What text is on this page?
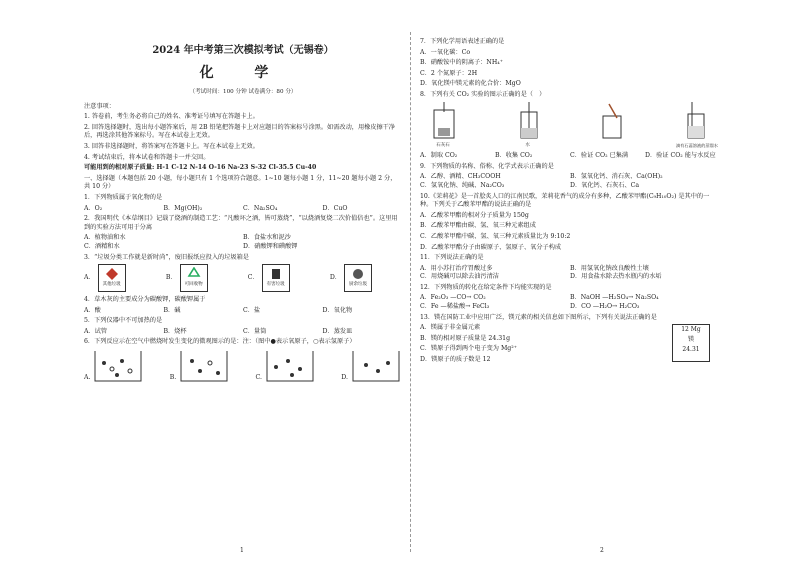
2024 年中考第三次模拟考试（无锡卷）
化 学
（考试时间：100 分钟 试卷满分：80 分）
注意事项：
1. 答卷前，考生务必将自己的姓名、准考证号填写在答题卡上。
2. 回答选择题时，选出每小题答案后，用 2B 铅笔把答题卡上对应题目的答案标号涂黑。如需改动，用橡皮擦干净后，再选涂其他答案标号。写在本试卷上无效。
3. 回答非选择题时，将答案写在答题卡上。写在本试卷上无效。
4. 考试结束后，将本试卷和答题卡一并交回。
可能用到的相对原子质量: H-1 C-12 N-14 O-16 Na-23 S-32 Cl-35.5 Cu-40
一、选择题（本题包括 20 小题，每小题只有 1 个选项符合题意。1~10 题每小题 1 分，11~20 题每小题 2 分，共 10 分）
1．下列物质属于氧化物的是
A．O₂	B．Mg(OH)₂	C．Na₂SO₄	D．CuO
2．我国明代《本草纲目》记载了烧酒的制造工艺：“凡酸坏之酒，皆可蒸烧”，“以烧酒复烧二次价值倍也”。这里用到的实验方法可用于分离
A．植物油和水	B．食盐水和泥沙
C．酒精和水	D．硝酸钾和碘酸钾
3．“垃圾分类工作就是新时尚”，废旧报纸应投入的垃圾箱是
A．
其他垃圾
B．
可回收物
C．
有害垃圾
D．
厨余垃圾
4．草木灰的主要成分为碳酸钾，碳酸钾属于
A．酸	B．碱	C．盐	D．氧化物
5．下列仪器中不可加热的是
A．试管	B．烧杯	C．量筒	D．蒸发皿
6．下列反应示在空气中燃烧时发生变化的微观图示的是：注：（图中●表示氧原子，○表示氢原子）
A.	B.	C.	D.
1
7．下列化学用语表述正确的是
A．一氧化碳：Co
B．硝酸铵中的阴离子：NH₄⁺
C．2 个氮原子：2H
D．氧化镁中镁元素的化合价：MgO
8．下列有关 CO₂ 实验的图示正确的是（　）
石灰石	水	滴有石蕊溶液的蒸馏水
A．制取 CO₂	B．收集 CO₂	C．验证 CO₂ 已集满	D．验证 CO₂ 能与水反应
9．下列物质的名称、俗称、化学式表示正确的是
A．乙醇、酒精、CH₃COOH	B．氢氧化钙、消石灰、Ca(OH)₂
C．氢氧化钠、纯碱、Na₂CO₃	D．氧化钙、石灰石、Ca
10.《茉莉花》是一首脍炙人口的江南民歌，茉莉花香气的成分有多种，乙酸苯甲酯(C₉H₁₀O₂) 是其中的一种。下列关于乙酸苯甲酯的说法正确的是
A．乙酸苯甲酯的相对分子质量为 150g
B．乙酸苯甲酯由碳、氢、氧三种元素组成
C．乙酸苯甲酯中碳、氢、氧三种元素质量比为 9:10:2
D．乙酸苯甲酯分子由碳原子、氢原子、氧分子构成
11．下列说法正确的是
A．用小苏打治疗胃酸过多	B．用氢氧化钠改良酸性土壤
C．用烧碱可以除去油污清洁	D．用食盐水除去热水瓶内的水垢
12．下列物质的转化在给定条件下均能实现的是
A．Fe₂O₃ —CO→ CO₂	B．NaOH —H₂SO₄→ Na₂SO₄
C．Fe —稀盐酸→ FeCl₃	D．CO —H₂O→ H₂CO₃
13．镁在国防工业中应用广泛，镁元素的相关信息如下图所示，下列有关说法正确的是
A．镁属于非金属元素
B．镁的相对原子质量是 24.31g
C．镁原子得到两个电子变为 Mg²⁺
D．镁原子的质子数是 12
12 Mg
镁
24.31
2
